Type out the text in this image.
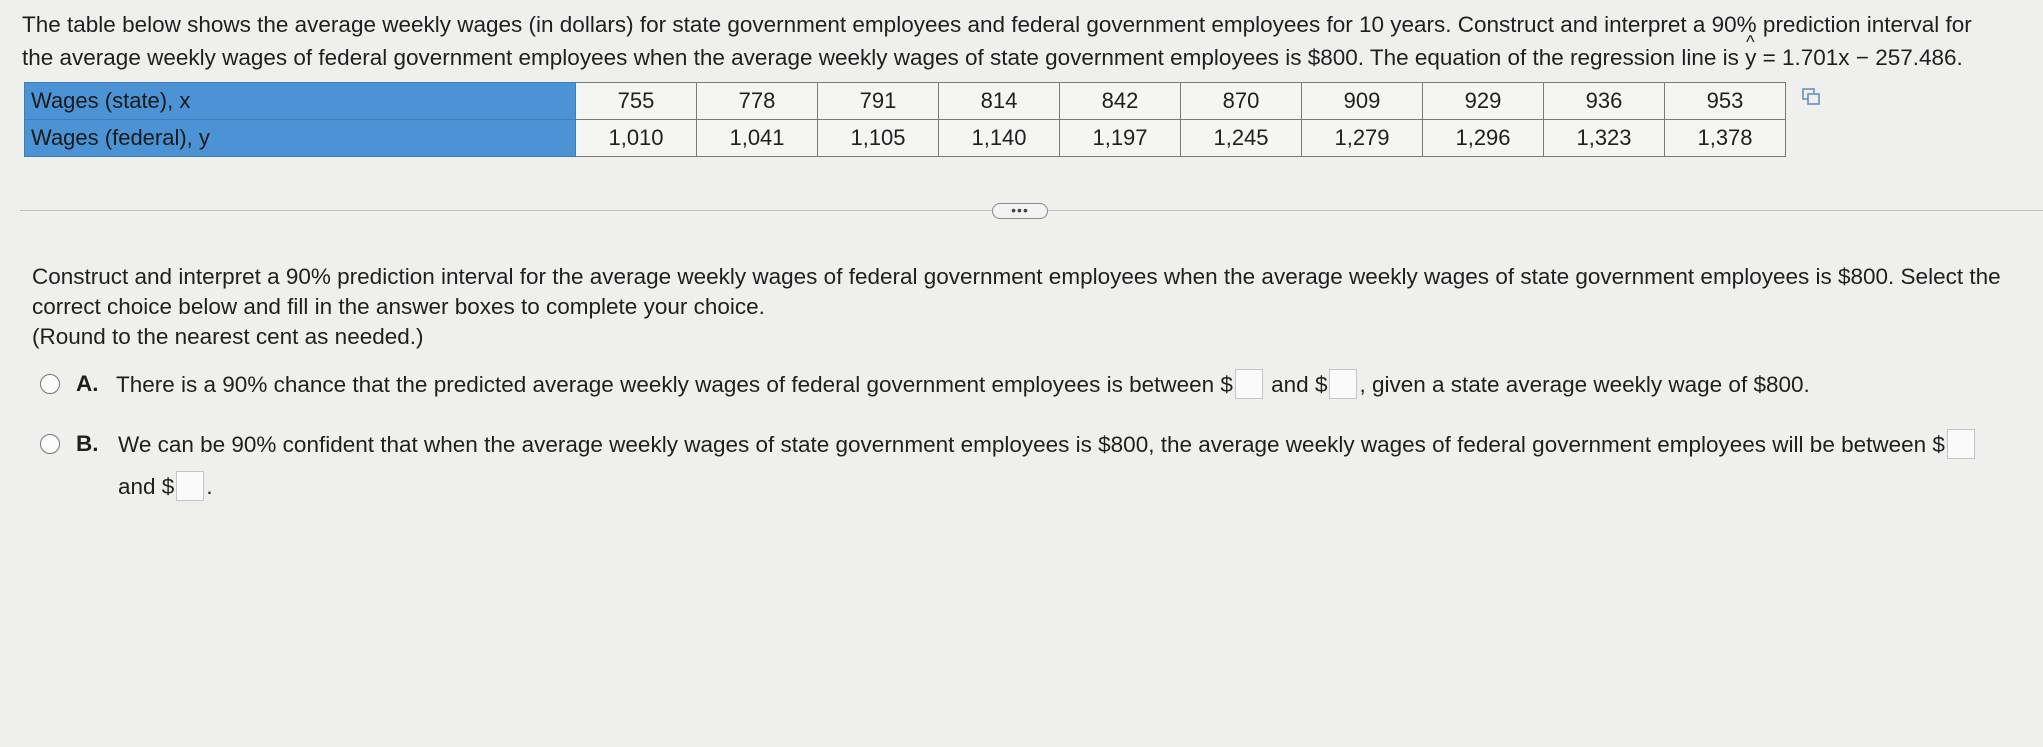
The table below shows the average weekly wages (in dollars) for state government employees and federal government employees for 10 years. Construct and interpret a 90% prediction interval for
the average weekly wages of federal government employees when the average weekly wages of state government employees is $800. The equation of the regression line is ^ y = 1.701x − 257.486.

Wages (state), x	755	778	791	814	842	870	909	929	936	953
Wages (federal), y	1,010	1,041	1,105	1,140	1,197	1,245	1,279	1,296	1,323	1,378
•••

Construct and interpret a 90% prediction interval for the average weekly wages of federal government employees when the average weekly wages of state government employees is $800. Select the
correct choice below and fill in the answer boxes to complete your choice.
(Round to the nearest cent as needed.)

A. There is a 90% chance that the predicted average weekly wages of federal government employees is between $ and $ , given a state average weekly wage of $800.
B. We can be 90% confident that when the average weekly wages of state government employees is $800, the average weekly wages of federal government employees will be between $
and $ .
